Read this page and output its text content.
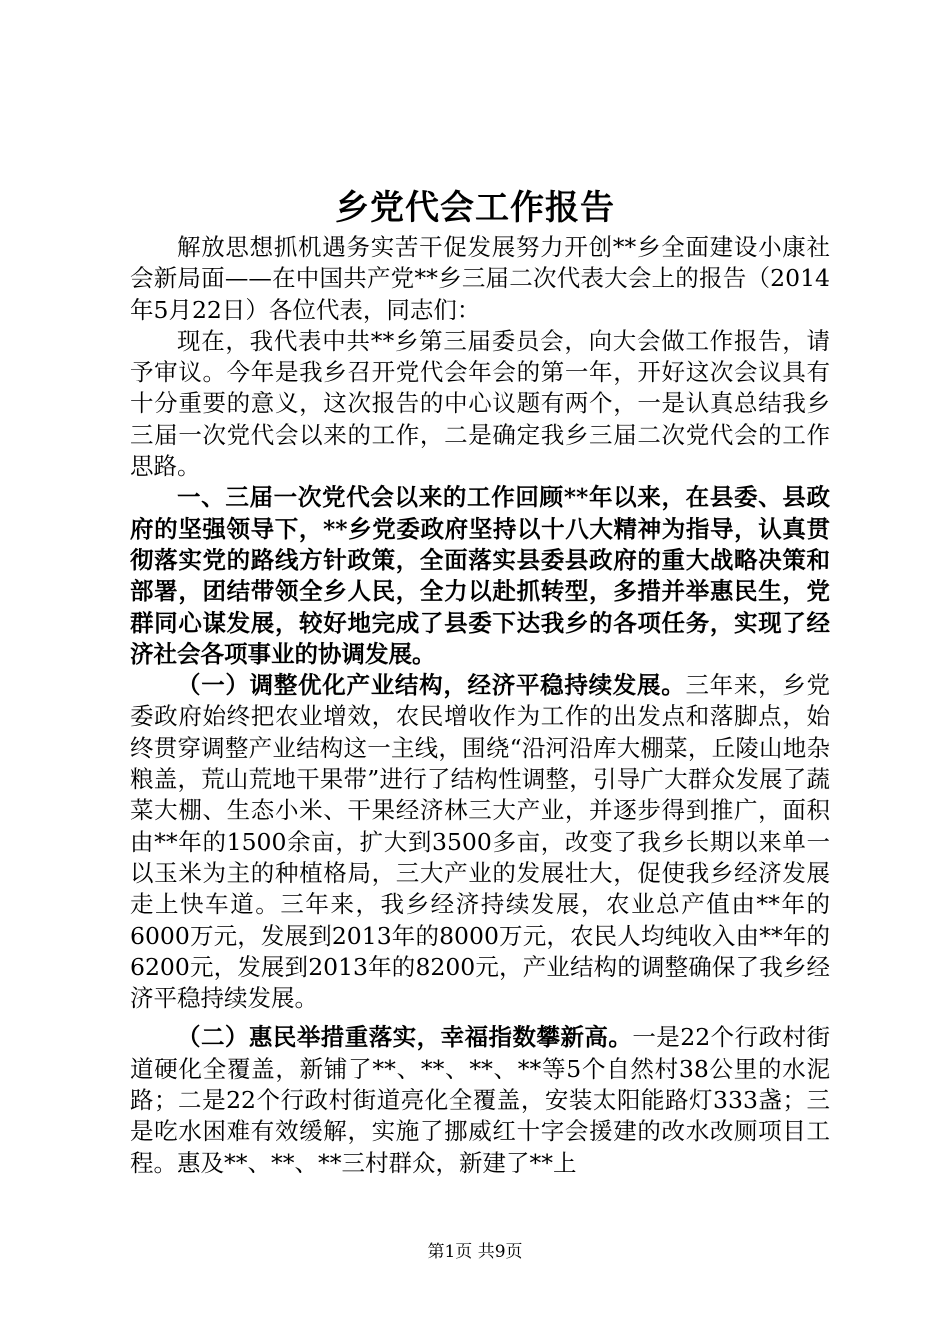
乡党代会工作报告

解放思想抓机遇务实苦干促发展努力开创**乡全面建设小康社会新局面——在中国共产党**乡三届二次代表大会上的报告（2014年5月22日）各位代表，同志们：

现在，我代表中共**乡第三届委员会，向大会做工作报告，请予审议。今年是我乡召开党代会年会的第一年，开好这次会议具有十分重要的意义，这次报告的中心议题有两个，一是认真总结我乡三届一次党代会以来的工作，二是确定我乡三届二次党代会的工作思路。

一、三届一次党代会以来的工作回顾**年以来，在县委、县政府的坚强领导下，**乡党委政府坚持以十八大精神为指导，认真贯彻落实党的路线方针政策，全面落实县委县政府的重大战略决策和部署，团结带领全乡人民，全力以赴抓转型，多措并举惠民生，党群同心谋发展，较好地完成了县委下达我乡的各项任务，实现了经济社会各项事业的协调发展。

（一）调整优化产业结构，经济平稳持续发展。三年来，乡党委政府始终把农业增效，农民增收作为工作的出发点和落脚点，始终贯穿调整产业结构这一主线，围绕“沿河沿库大棚菜，丘陵山地杂粮盖，荒山荒地干果带”进行了结构性调整，引导广大群众发展了蔬菜大棚、生态小米、干果经济林三大产业，并逐步得到推广，面积由**年的1500余亩，扩大到3500多亩，改变了我乡长期以来单一以玉米为主的种植格局，三大产业的发展壮大，促使我乡经济发展走上快车道。三年来，我乡经济持续发展，农业总产值由**年的6000万元，发展到2013年的8000万元，农民人均纯收入由**年的6200元，发展到2013年的8200元，产业结构的调整确保了我乡经济平稳持续发展。

（二）惠民举措重落实，幸福指数攀新高。一是22个行政村街道硬化全覆盖，新铺了**、**、**、**等5个自然村38公里的水泥路；二是22个行政村街道亮化全覆盖，安装太阳能路灯333盏；三是吃水困难有效缓解，实施了挪威红十字会援建的改水改厕项目工程。惠及**、**、**三村群众，新建了**上

第1页 共9页
